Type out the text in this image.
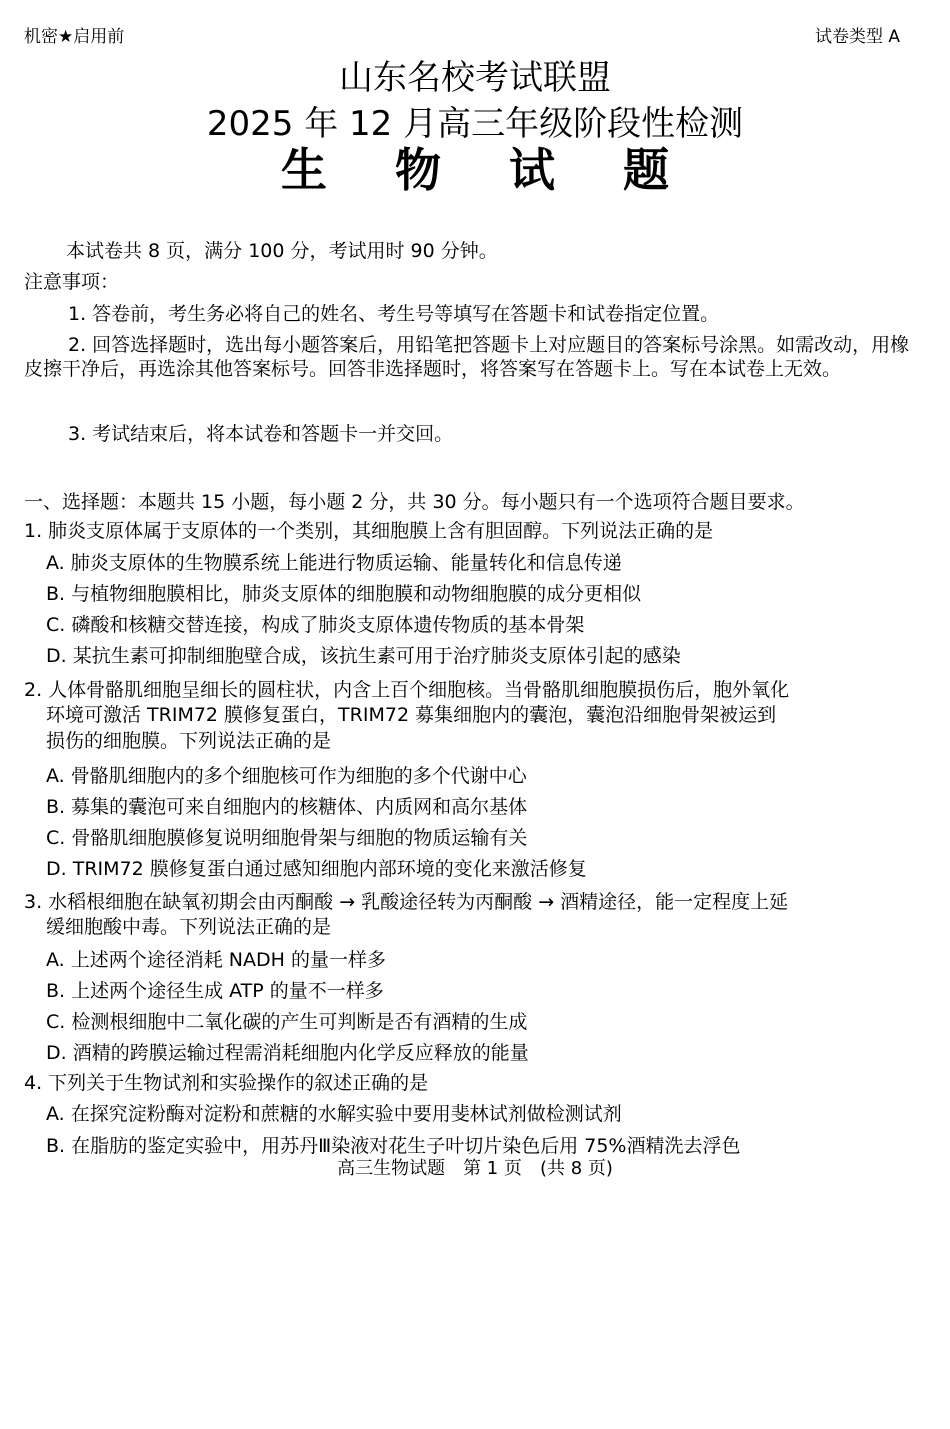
机密★启用前	试卷类型 A
山东名校考试联盟
2025 年 12 月高三年级阶段性检测
生 物 试 题
本试卷共 8 页，满分 100 分，考试用时 90 分钟。
注意事项：
1. 答卷前，考生务必将自己的姓名、考生号等填写在答题卡和试卷指定位置。
2. 回答选择题时，选出每小题答案后，用铅笔把答题卡上对应题目的答案标号涂黑。如需改动，用橡皮擦干净后，再选涂其他答案标号。回答非选择题时，将答案写在答题卡上。写在本试卷上无效。
3. 考试结束后，将本试卷和答题卡一并交回。
一、选择题：本题共 15 小题，每小题 2 分，共 30 分。每小题只有一个选项符合题目要求。
1. 肺炎支原体属于支原体的一个类别，其细胞膜上含有胆固醇。下列说法正确的是
A. 肺炎支原体的生物膜系统上能进行物质运输、能量转化和信息传递
B. 与植物细胞膜相比，肺炎支原体的细胞膜和动物细胞膜的成分更相似
C. 磷酸和核糖交替连接，构成了肺炎支原体遗传物质的基本骨架
D. 某抗生素可抑制细胞壁合成，该抗生素可用于治疗肺炎支原体引起的感染
2. 人体骨骼肌细胞呈细长的圆柱状，内含上百个细胞核。当骨骼肌细胞膜损伤后，胞外氧化
环境可激活 TRIM72 膜修复蛋白，TRIM72 募集细胞内的囊泡，囊泡沿细胞骨架被运到
损伤的细胞膜。下列说法正确的是
A. 骨骼肌细胞内的多个细胞核可作为细胞的多个代谢中心
B. 募集的囊泡可来自细胞内的核糖体、内质网和高尔基体
C. 骨骼肌细胞膜修复说明细胞骨架与细胞的物质运输有关
D. TRIM72 膜修复蛋白通过感知细胞内部环境的变化来激活修复
3. 水稻根细胞在缺氧初期会由丙酮酸 → 乳酸途径转为丙酮酸 → 酒精途径，能一定程度上延
缓细胞酸中毒。下列说法正确的是
A. 上述两个途径消耗 NADH 的量一样多
B. 上述两个途径生成 ATP 的量不一样多
C. 检测根细胞中二氧化碳的产生可判断是否有酒精的生成
D. 酒精的跨膜运输过程需消耗细胞内化学反应释放的能量
4. 下列关于生物试剂和实验操作的叙述正确的是
A. 在探究淀粉酶对淀粉和蔗糖的水解实验中要用斐林试剂做检测试剂
B. 在脂肪的鉴定实验中，用苏丹Ⅲ染液对花生子叶切片染色后用 75%酒精洗去浮色
高三生物试题　第 1 页　(共 8 页)
